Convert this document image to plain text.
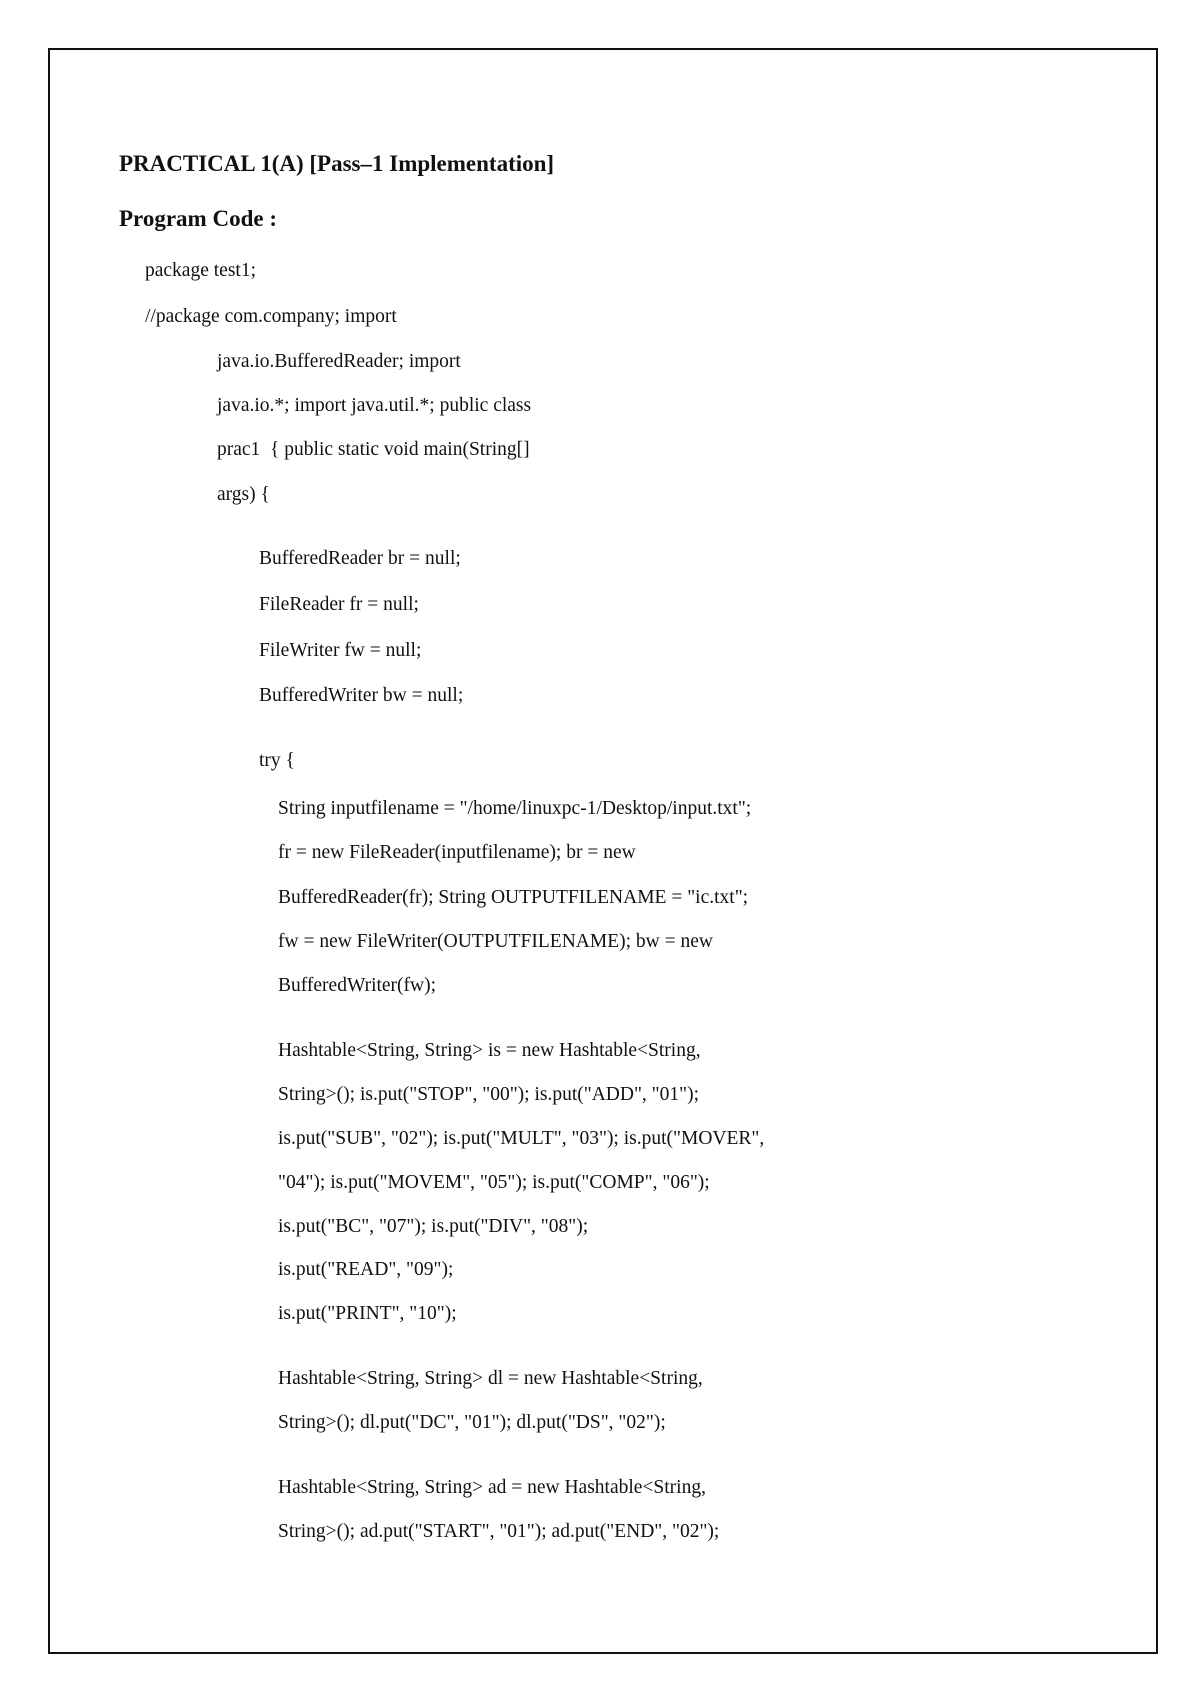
PRACTICAL 1(A) [Pass–1 Implementation]
Program Code :
package test1;
//package com.company; import
java.io.BufferedReader; import
java.io.*; import java.util.*; public class
prac1  { public static void main(String[]
args) {
BufferedReader br = null;
FileReader fr = null;
FileWriter fw = null;
BufferedWriter bw = null;
try {
String inputfilename = "/home/linuxpc-1/Desktop/input.txt";
fr = new FileReader(inputfilename); br = new
BufferedReader(fr); String OUTPUTFILENAME = "ic.txt";
fw = new FileWriter(OUTPUTFILENAME); bw = new
BufferedWriter(fw);
Hashtable<String, String> is = new Hashtable<String,
String>(); is.put("STOP", "00"); is.put("ADD", "01");
is.put("SUB", "02"); is.put("MULT", "03"); is.put("MOVER",
"04"); is.put("MOVEM", "05"); is.put("COMP", "06");
is.put("BC", "07"); is.put("DIV", "08");
is.put("READ", "09");
is.put("PRINT", "10");
Hashtable<String, String> dl = new Hashtable<String,
String>(); dl.put("DC", "01"); dl.put("DS", "02");
Hashtable<String, String> ad = new Hashtable<String,
String>(); ad.put("START", "01"); ad.put("END", "02");
